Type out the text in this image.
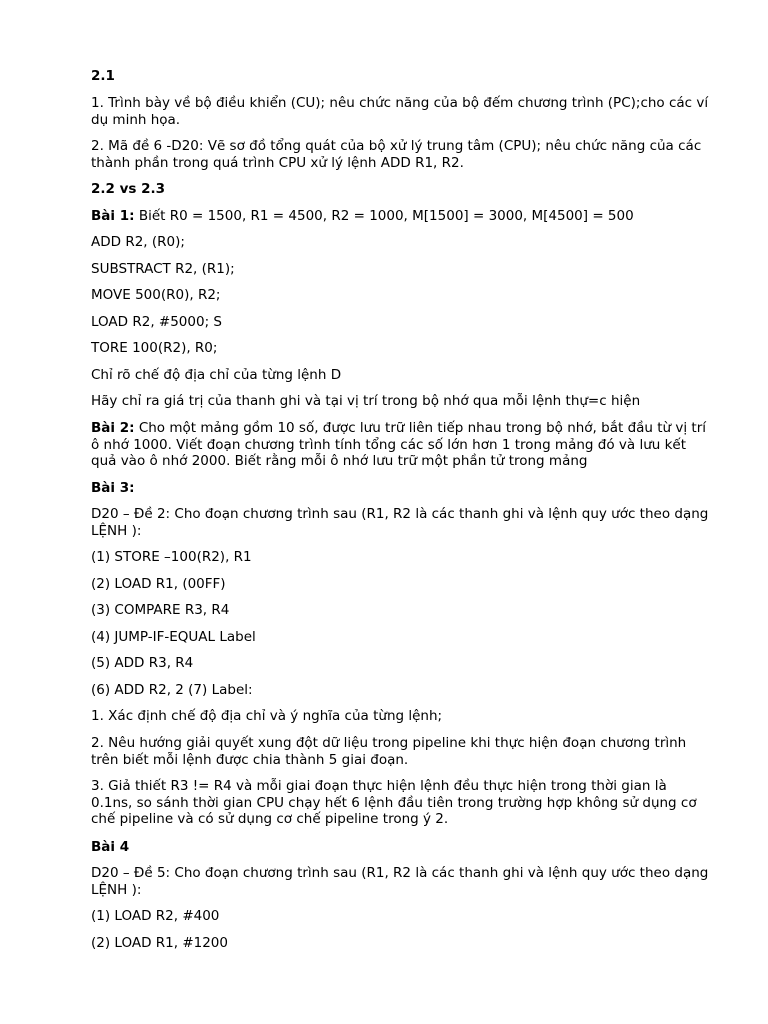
2.1

1. Trình bày về bộ điều khiển (CU); nêu chức năng của bộ đếm chương trình (PC);cho các ví dụ minh họa.

2. Mã đề 6 -D20: Vẽ sơ đồ tổng quát của bộ xử lý trung tâm (CPU); nêu chức năng của các thành phần trong quá trình CPU xử lý lệnh ADD R1, R2.

2.2 vs 2.3

Bài 1: Biết R0 = 1500, R1 = 4500, R2 = 1000, M[1500] = 3000, M[4500] = 500

ADD R2, (R0);

SUBSTRACT R2, (R1);

MOVE 500(R0), R2;

LOAD R2, #5000; S

TORE 100(R2), R0;

Chỉ rõ chế độ địa chỉ của từng lệnh D

Hãy chỉ ra giá trị của thanh ghi và tại vị trí trong bộ nhớ qua mỗi lệnh thự=c hiện

Bài 2: Cho một mảng gồm 10 số, được lưu trữ liên tiếp nhau trong bộ nhớ, bắt đầu từ vị trí ô nhớ 1000. Viết đoạn chương trình tính tổng các số lớn hơn 1 trong mảng đó và lưu kết quả vào ô nhớ 2000. Biết rằng mỗi ô nhớ lưu trữ một phần tử trong mảng

Bài 3:

D20 – Đề 2: Cho đoạn chương trình sau (R1, R2 là các thanh ghi và lệnh quy ước theo dạng LỆNH ):

(1) STORE –100(R2), R1

(2) LOAD R1, (00FF)

(3) COMPARE R3, R4

(4) JUMP-IF-EQUAL Label

(5) ADD R3, R4

(6) ADD R2, 2 (7) Label:

1. Xác định chế độ địa chỉ và ý nghĩa của từng lệnh;

2. Nêu hướng giải quyết xung đột dữ liệu trong pipeline khi thực hiện đoạn chương trình trên biết mỗi lệnh được chia thành 5 giai đoạn.

3. Giả thiết R3 != R4 và mỗi giai đoạn thực hiện lệnh đều thực hiện trong thời gian là 0.1ns, so sánh thời gian CPU chạy hết 6 lệnh đầu tiên trong trường hợp không sử dụng cơ chế pipeline và có sử dụng cơ chế pipeline trong ý 2.

Bài 4

D20 – Đề 5: Cho đoạn chương trình sau (R1, R2 là các thanh ghi và lệnh quy ước theo dạng LỆNH ):

(1) LOAD R2, #400

(2) LOAD R1, #1200
